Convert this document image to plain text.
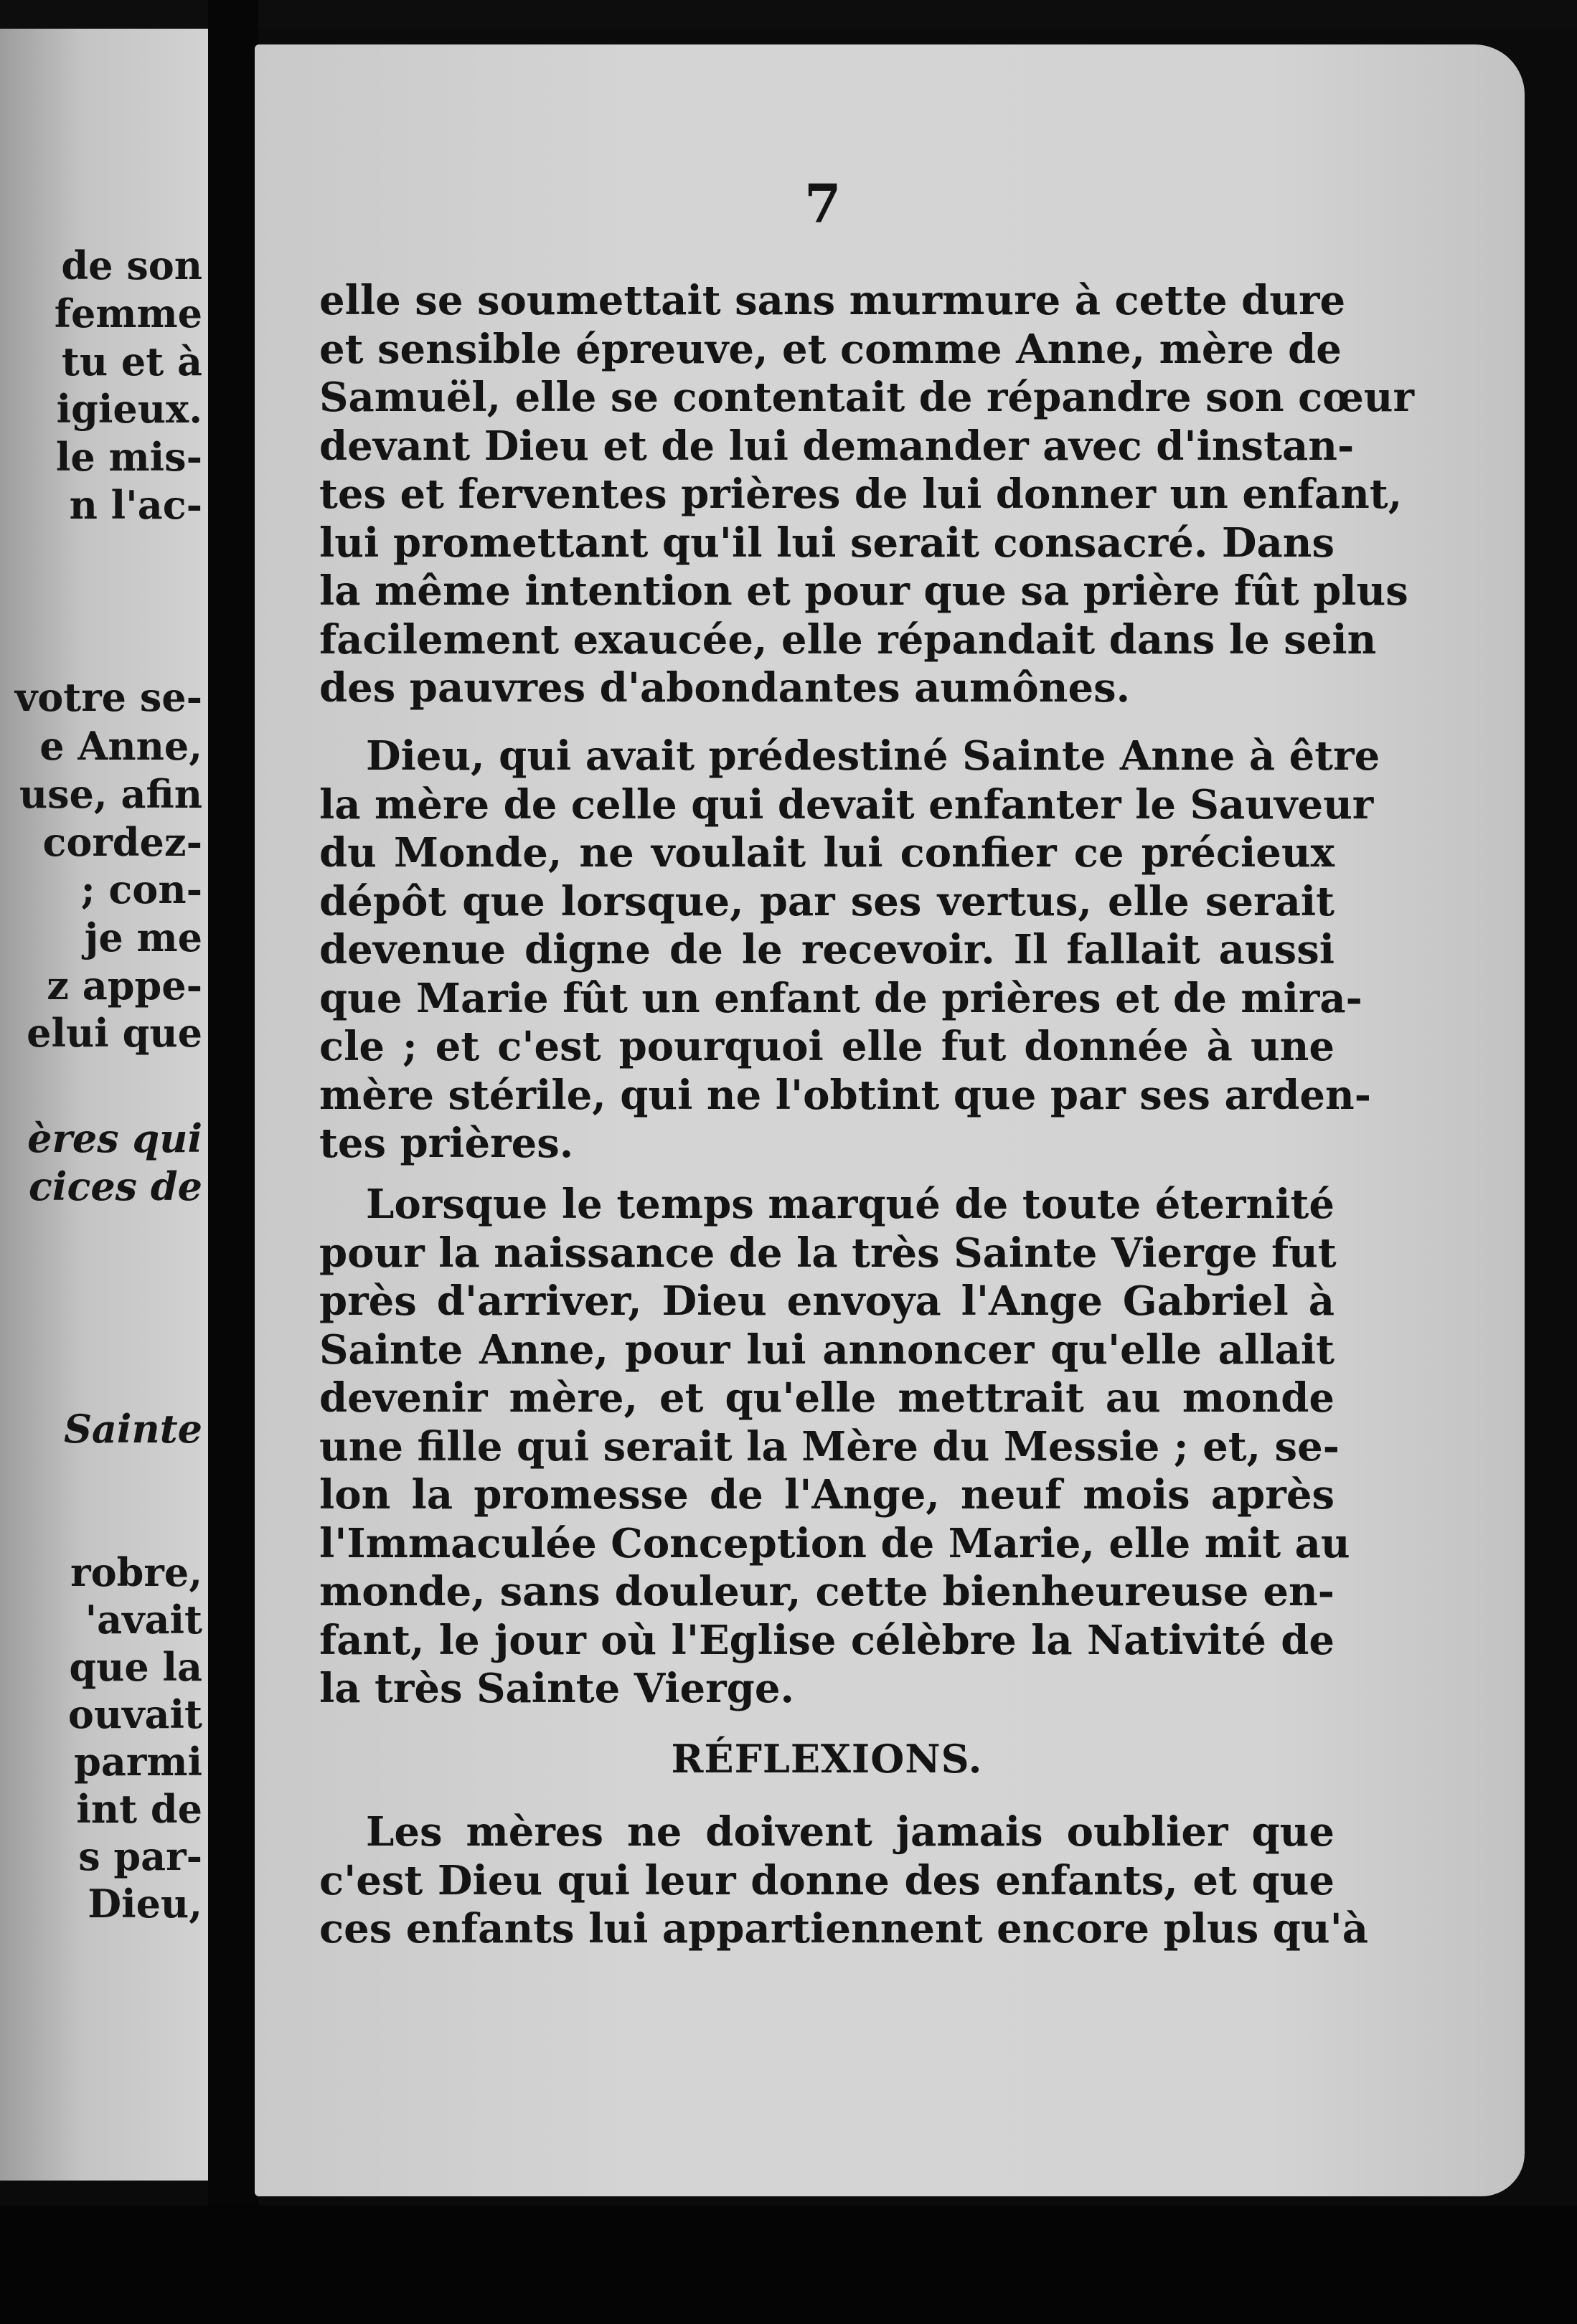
de son
femme
tu et à
igieux.
le mis-
n l'ac-
votre se-
e Anne,
use, afin
cordez-
; con-
je me
z appe-
elui que
ères qui
cices de
Sainte
robre,
'avait
que la
ouvait
parmi
int de
s par-
Dieu,
7
elle se soumettait sans murmure à cette dure
et sensible épreuve, et comme Anne, mère de
Samuël, elle se contentait de répandre son cœur
devant Dieu et de lui demander avec d'instan-
tes et ferventes prières de lui donner un enfant,
lui promettant qu'il lui serait consacré. Dans
la même intention et pour que sa prière fût plus
facilement exaucée, elle répandait dans le sein
des pauvres d'abondantes aumônes.
Dieu, qui avait prédestiné Sainte Anne à être
la mère de celle qui devait enfanter le Sauveur
du Monde, ne voulait lui confier ce précieux
dépôt que lorsque, par ses vertus, elle serait
devenue digne de le recevoir. Il fallait aussi
que Marie fût un enfant de prières et de mira-
cle ; et c'est pourquoi elle fut donnée à une
mère stérile, qui ne l'obtint que par ses arden-
tes prières.
Lorsque le temps marqué de toute éternité
pour la naissance de la très Sainte Vierge fut
près d'arriver, Dieu envoya l'Ange Gabriel à
Sainte Anne, pour lui annoncer qu'elle allait
devenir mère, et qu'elle mettrait au monde
une fille qui serait la Mère du Messie ; et, se-
lon la promesse de l'Ange, neuf mois après
l'Immaculée Conception de Marie, elle mit au
monde, sans douleur, cette bienheureuse en-
fant, le jour où l'Eglise célèbre la Nativité de
la très Sainte Vierge.
Les mères ne doivent jamais oublier que
c'est Dieu qui leur donne des enfants, et que
ces enfants lui appartiennent encore plus qu'à
RÉFLEXIONS.
